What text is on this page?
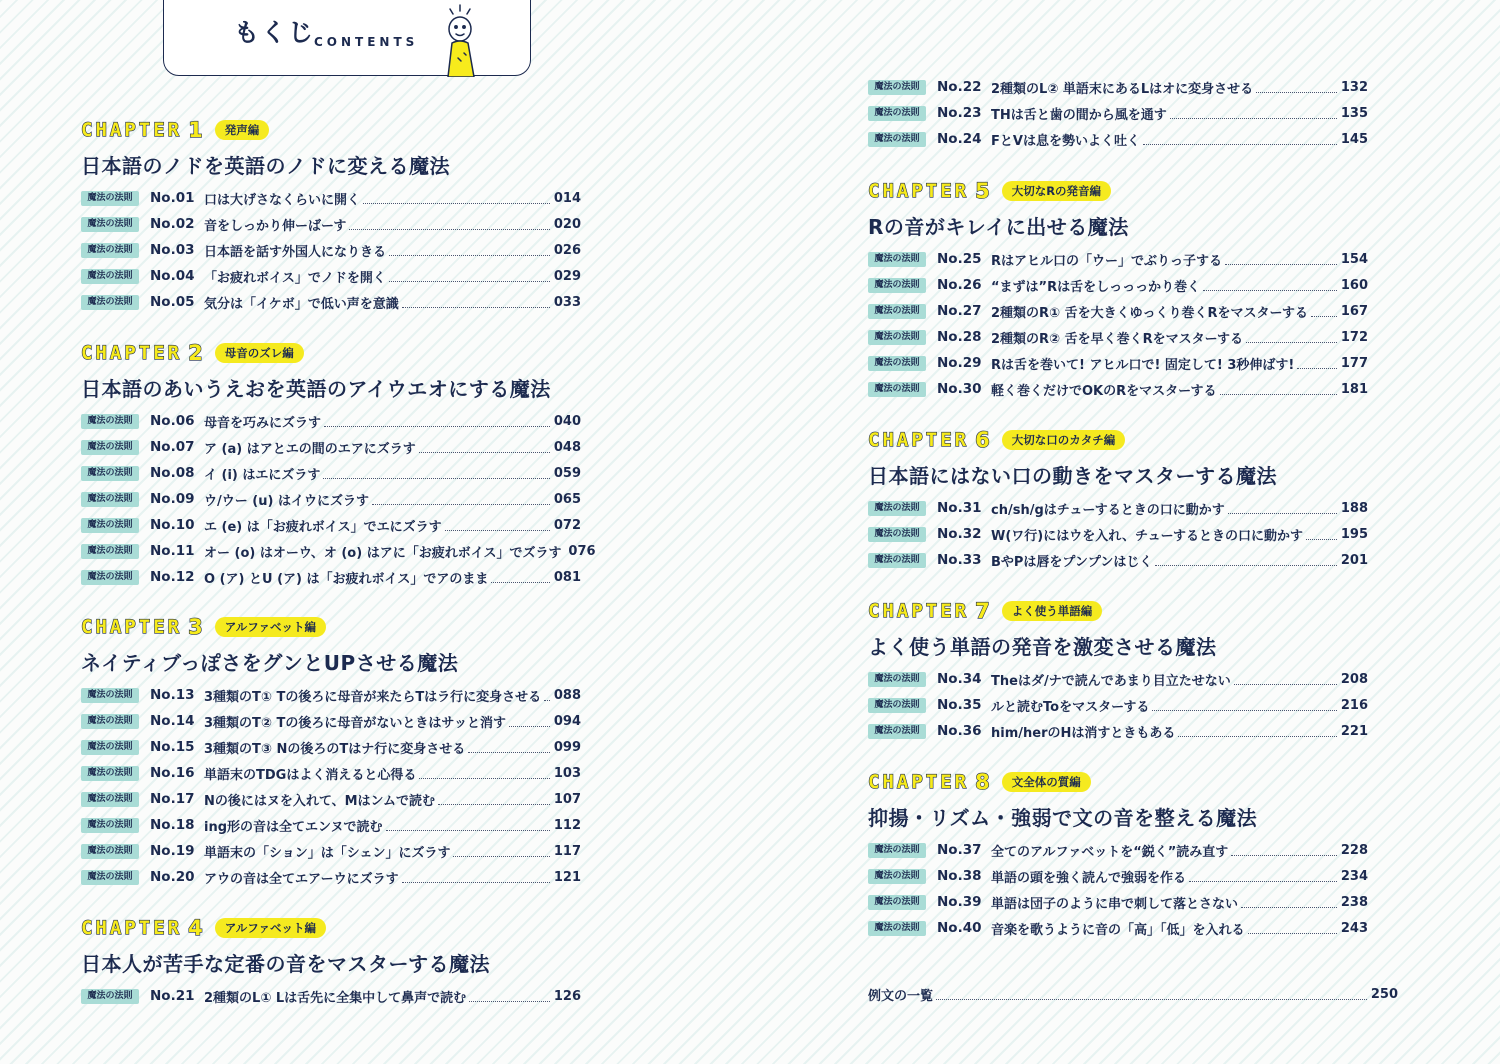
もくじ
CONTENTS
CHAPTER 1 発声編
日本語のノドを英語のノドに変える魔法
魔法の法則	No.01 口は大げさなくらいに開く	014
魔法の法則	No.02 音をしっかり伸ーばーす	020
魔法の法則	No.03 日本語を話す外国人になりきる	026
魔法の法則	No.04 「お疲れボイス」でノドを開く	029
魔法の法則	No.05 気分は「イケボ」で低い声を意識	033
CHAPTER 2 母音のズレ編
日本語のあいうえおを英語のアイウエオにする魔法
魔法の法則	No.06 母音を巧みにズラす	040
魔法の法則	No.07 ア (a) はアとエの間のエアにズラす	048
魔法の法則	No.08 イ (i) はエにズラす	059
魔法の法則	No.09 ウ/ウー (u) はイウにズラす	065
魔法の法則	No.10 エ (e) は「お疲れボイス」でエにズラす	072
魔法の法則	No.11 オー (o) はオーウ、オ (o) はアに「お疲れボイス」でズラす 076
魔法の法則	No.12 O (ア) とU (ア) は「お疲れボイス」でアのまま	081
CHAPTER 3 アルファベット編
ネイティブっぽさをグンとUPさせる魔法
魔法の法則	No.13 3種類のT① Tの後ろに母音が来たらTはラ行に変身させる 088
魔法の法則	No.14 3種類のT② Tの後ろに母音がないときはサッと消す	094
魔法の法則	No.15 3種類のT③ Nの後ろのTはナ行に変身させる	099
魔法の法則	No.16 単語末のTDGはよく消えると心得る	103
魔法の法則	No.17 Nの後にはヌを入れて、Mはンムで読む	107
魔法の法則	No.18 ing形の音は全てエンヌで読む	112
魔法の法則	No.19 単語末の「ション」は「シェン」にズラす	117
魔法の法則	No.20 アウの音は全てエアーウにズラす	121
CHAPTER 4 アルファベット編
日本人が苦手な定番の音をマスターする魔法
魔法の法則	No.21 2種類のL① Lは舌先に全集中して鼻声で読む	126
魔法の法則	No.22 2種類のL② 単語末にあるLはオに変身させる	132
魔法の法則	No.23 THは舌と歯の間から風を通す	135
魔法の法則	No.24 FとVは息を勢いよく吐く	145
CHAPTER 5 大切なRの発音編
Rの音がキレイに出せる魔法
魔法の法則	No.25 Rはアヒル口の「ウー」でぶりっ子する	154
魔法の法則	No.26 “まずは”Rは舌をしっっっかり巻く	160
魔法の法則	No.27 2種類のR① 舌を大きくゆっくり巻くRをマスターする	167
魔法の法則	No.28 2種類のR② 舌を早く巻くRをマスターする	172
魔法の法則	No.29 Rは舌を巻いて! アヒル口で! 固定して! 3秒伸ばす!	177
魔法の法則	No.30 軽く巻くだけでOKのRをマスターする	181
CHAPTER 6 大切な口のカタチ編
日本語にはない口の動きをマスターする魔法
魔法の法則	No.31 ch/sh/gはチューするときの口に動かす	188
魔法の法則	No.32 W(ワ行)にはウを入れ、チューするときの口に動かす	195
魔法の法則	No.33 BやPは唇をプンプンはじく	201
CHAPTER 7 よく使う単語編
よく使う単語の発音を激変させる魔法
魔法の法則	No.34 Theはダ/ナで読んであまり目立たせない	208
魔法の法則	No.35 ルと読むToをマスターする	216
魔法の法則	No.36 him/herのHは消すときもある	221
CHAPTER 8 文全体の質編
抑揚・リズム・強弱で文の音を整える魔法
魔法の法則	No.37 全てのアルファベットを“鋭く”読み直す	228
魔法の法則	No.38 単語の頭を強く読んで強弱を作る	234
魔法の法則	No.39 単語は団子のように串で刺して落とさない	238
魔法の法則	No.40 音楽を歌うように音の「高」「低」を入れる	243
例文の一覧	250
